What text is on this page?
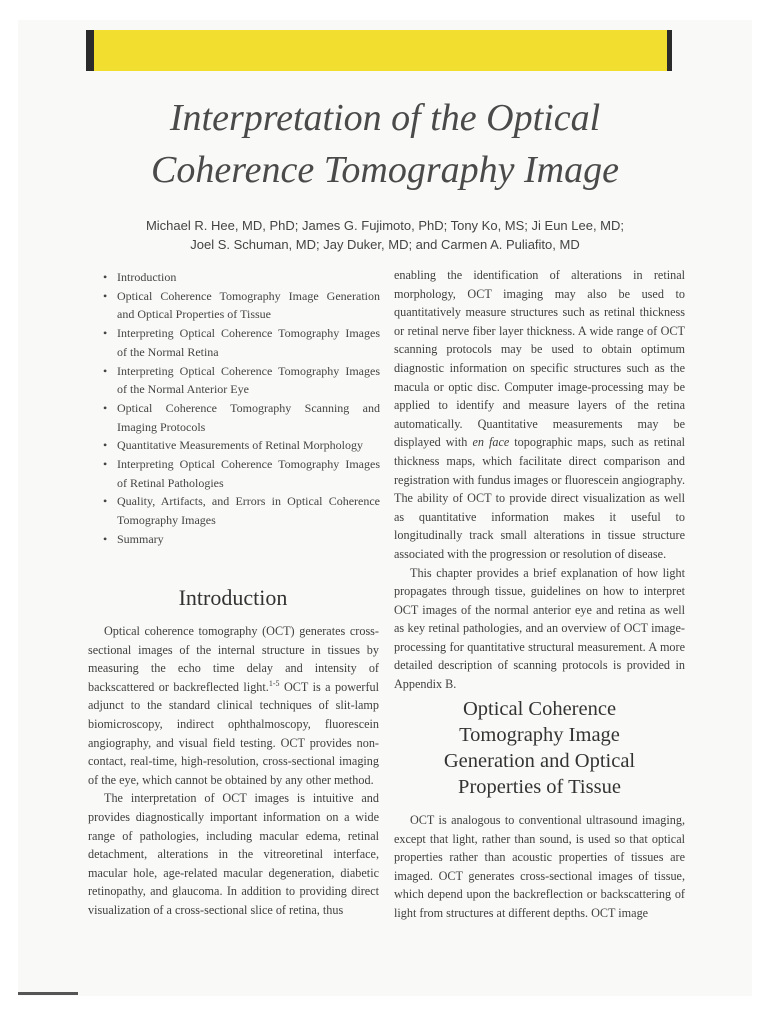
Interpretation of the Optical
Coherence Tomography Image

Michael R. Hee, MD, PhD; James G. Fujimoto, PhD; Tony Ko, MS; Ji Eun Lee, MD;
Joel S. Schuman, MD; Jay Duker, MD; and Carmen A. Puliafito, MD

• Introduction
• Optical Coherence Tomography Image Generation and Optical Properties of Tissue
• Interpreting Optical Coherence Tomography Images of the Normal Retina
• Interpreting Optical Coherence Tomography Images of the Normal Anterior Eye
• Optical Coherence Tomography Scanning and Imaging Protocols
• Quantitative Measurements of Retinal Morphology
• Interpreting Optical Coherence Tomography Images of Retinal Pathologies
• Quality, Artifacts, and Errors in Optical Coherence Tomography Images
• Summary
Introduction

Optical coherence tomography (OCT) generates cross-sectional images of the internal structure in tissues by measuring the echo time delay and intensity of backscattered or backreflected light.$^{1-5}$ OCT is a powerful adjunct to the standard clinical techniques of slit-lamp biomicroscopy, indirect ophthalmoscopy, fluorescein angiography, and visual field testing. OCT provides non-contact, real-time, high-resolution, cross-sectional imaging of the eye, which cannot be obtained by any other method.

The interpretation of OCT images is intuitive and provides diagnostically important information on a wide range of pathologies, including macular edema, retinal detachment, alterations in the vitreoretinal interface, macular hole, age-related macular degeneration, diabetic retinopathy, and glaucoma. In addition to providing direct visualization of a cross-sectional slice of retina, thus

enabling the identification of alterations in retinal morphology, OCT imaging may also be used to quantitatively measure structures such as retinal thickness or retinal nerve fiber layer thickness. A wide range of OCT scanning protocols may be used to obtain optimum diagnostic information on specific structures such as the macula or optic disc. Computer image-processing may be applied to identify and measure layers of the retina automatically. Quantitative measurements may be displayed with en face topographic maps, such as retinal thickness maps, which facilitate direct comparison and registration with fundus images or fluorescein angiography. The ability of OCT to provide direct visualization as well as quantitative information makes it useful to longitudinally track small alterations in tissue structure associated with the progression or resolution of disease.

This chapter provides a brief explanation of how light propagates through tissue, guidelines on how to interpret OCT images of the normal anterior eye and retina as well as key retinal pathologies, and an overview of OCT image-processing for quantitative structural measurement. A more detailed description of scanning protocols is provided in Appendix B.

Optical Coherence
Tomography Image
Generation and Optical
Properties of Tissue

OCT is analogous to conventional ultrasound imaging, except that light, rather than sound, is used so that optical properties rather than acoustic properties of tissues are imaged. OCT generates cross-sectional images of tissue, which depend upon the backreflection or backscattering of light from structures at different depths. OCT image
